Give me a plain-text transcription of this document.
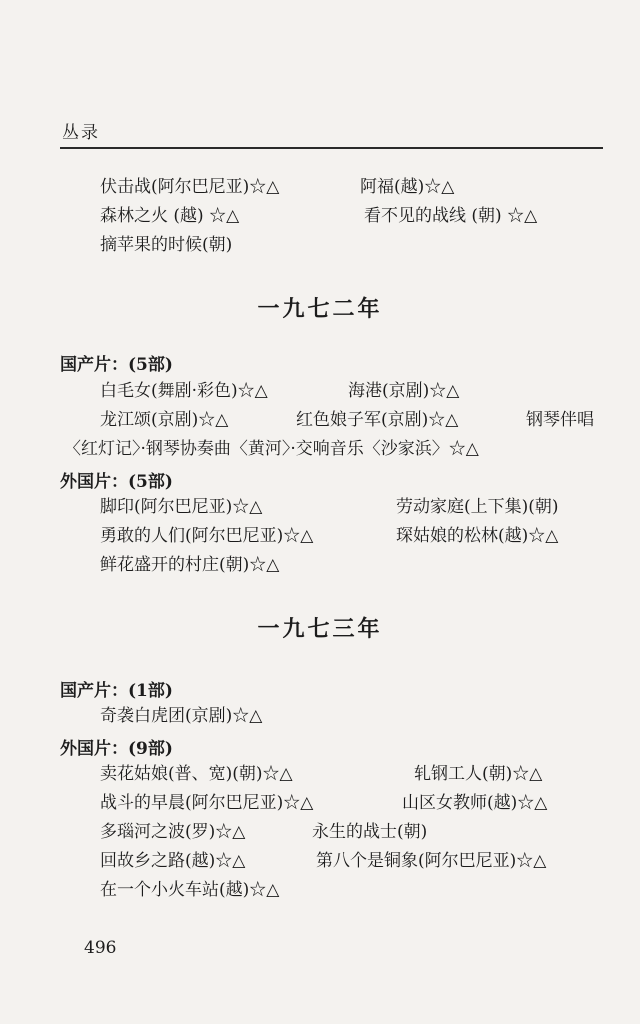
丛录
伏击战(阿尔巴尼亚)☆△	阿福(越)☆△
森林之火 (越) ☆△	看不见的战线 (朝) ☆△
摘苹果的时候(朝)
一九七二年
国产片：(5部)
白毛女(舞剧·彩色)☆△	海港(京剧)☆△
龙江颂(京剧)☆△	红色娘子军(京剧)☆△	钢琴伴唱
〈红灯记〉·钢琴协奏曲〈黄河〉·交响音乐〈沙家浜〉☆△
外国片：(5部)
脚印(阿尔巴尼亚)☆△	劳动家庭(上下集)(朝)
勇敢的人们(阿尔巴尼亚)☆△	琛姑娘的松林(越)☆△
鲜花盛开的村庄(朝)☆△
一九七三年
国产片：(1部)
奇袭白虎团(京剧)☆△
外国片：(9部)
卖花姑娘(普、宽)(朝)☆△	轧钢工人(朝)☆△
战斗的早晨(阿尔巴尼亚)☆△	山区女教师(越)☆△
多瑙河之波(罗)☆△	永生的战士(朝)
回故乡之路(越)☆△	第八个是铜象(阿尔巴尼亚)☆△
在一个小火车站(越)☆△
496
